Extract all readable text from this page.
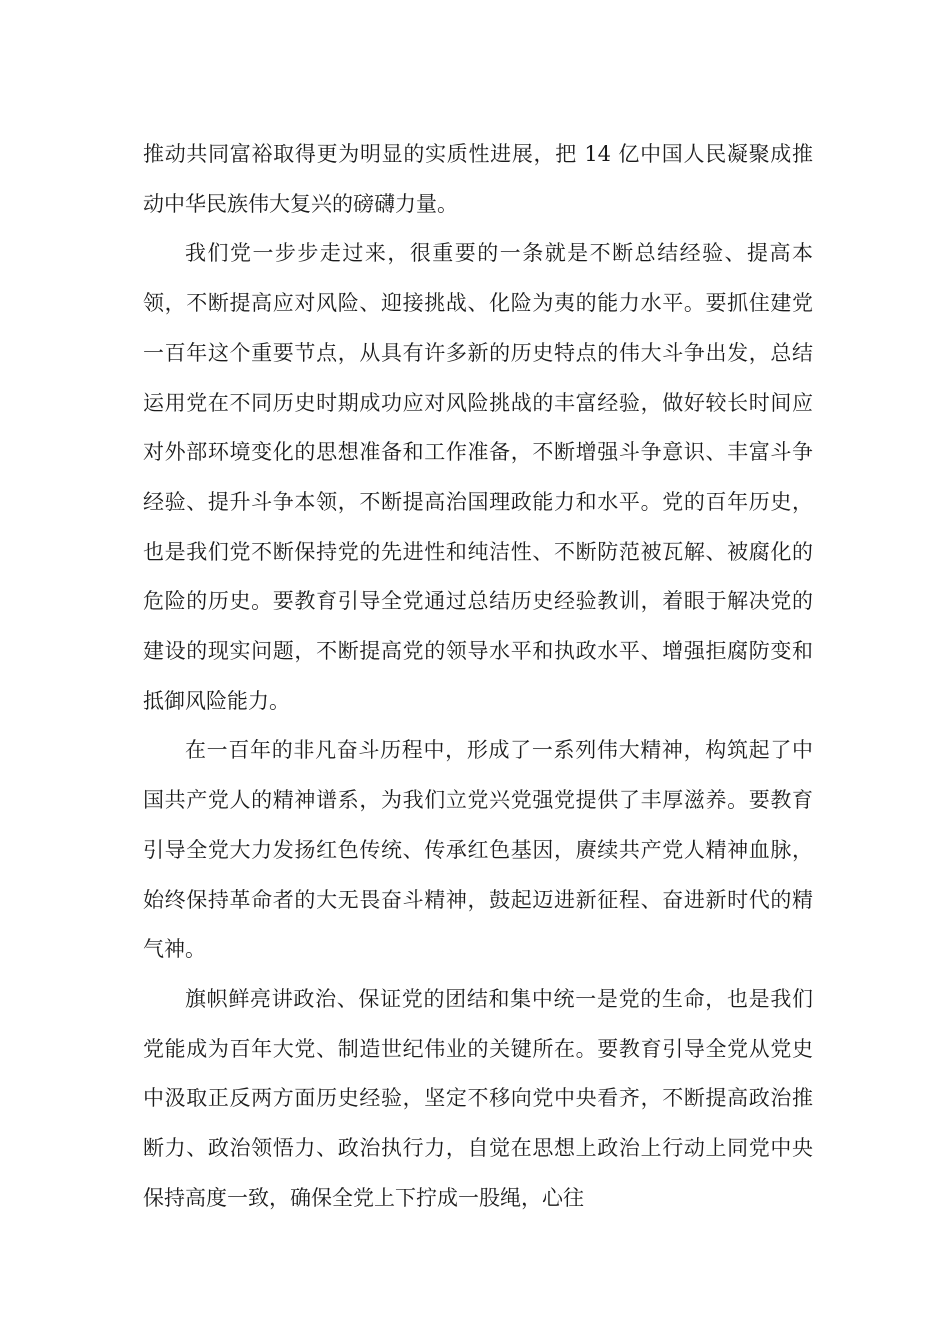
推动共同富裕取得更为明显的实质性进展，把 14 亿中国人民凝聚成推动中华民族伟大复兴的磅礴力量。

我们党一步步走过来，很重要的一条就是不断总结经验、提高本领，不断提高应对风险、迎接挑战、化险为夷的能力水平。要抓住建党一百年这个重要节点，从具有许多新的历史特点的伟大斗争出发，总结运用党在不同历史时期成功应对风险挑战的丰富经验，做好较长时间应对外部环境变化的思想准备和工作准备，不断增强斗争意识、丰富斗争经验、提升斗争本领，不断提高治国理政能力和水平。党的百年历史，也是我们党不断保持党的先进性和纯洁性、不断防范被瓦解、被腐化的危险的历史。要教育引导全党通过总结历史经验教训，着眼于解决党的建设的现实问题，不断提高党的领导水平和执政水平、增强拒腐防变和抵御风险能力。

在一百年的非凡奋斗历程中，形成了一系列伟大精神，构筑起了中国共产党人的精神谱系，为我们立党兴党强党提供了丰厚滋养。要教育引导全党大力发扬红色传统、传承红色基因，赓续共产党人精神血脉，始终保持革命者的大无畏奋斗精神，鼓起迈进新征程、奋进新时代的精气神。

旗帜鲜亮讲政治、保证党的团结和集中统一是党的生命，也是我们党能成为百年大党、制造世纪伟业的关键所在。要教育引导全党从党史中汲取正反两方面历史经验，坚定不移向党中央看齐，不断提高政治推断力、政治领悟力、政治执行力，自觉在思想上政治上行动上同党中央保持高度一致，确保全党上下拧成一股绳，心往
